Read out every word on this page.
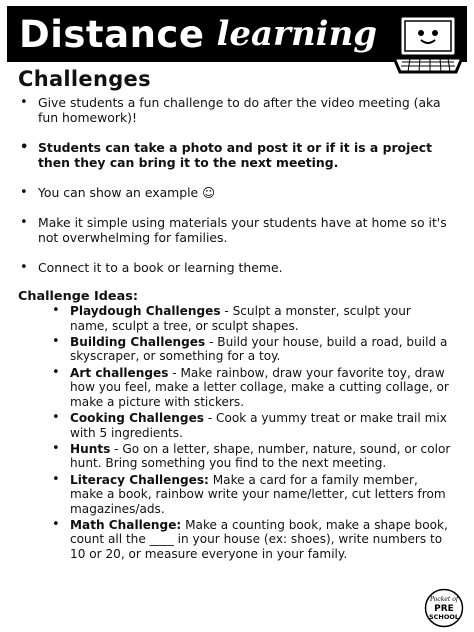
Distance learning
Challenges
• Give students a fun challenge to do after the video meeting (aka fun homework)!
• Students can take a photo and post it or if it is a project then they can bring it to the next meeting.
• You can show an example ☺
• Make it simple using materials your students have at home so it's not overwhelming for families.
• Connect it to a book or learning theme.
Challenge Ideas:
• Playdough Challenges - Sculpt a monster, sculpt your name, sculpt a tree, or sculpt shapes.
• Building Challenges - Build your house, build a road, build a skyscraper, or something for a toy.
• Art challenges - Make rainbow, draw your favorite toy, draw how you feel, make a letter collage, make a cutting collage, or make a picture with stickers.
• Cooking Challenges - Cook a yummy treat or make trail mix with 5 ingredients.
• Hunts - Go on a letter, shape, number, nature, sound, or color hunt. Bring something you find to the next meeting.
• Literacy Challenges: Make a card for a family member, make a book, rainbow write your name/letter, cut letters from magazines/ads.
• Math Challenge: Make a counting book, make a shape book, count all the ____ in your house (ex: shoes), write numbers to 10 or 20, or measure everyone in your family.
Pocket of
PRE
SCHOOL
